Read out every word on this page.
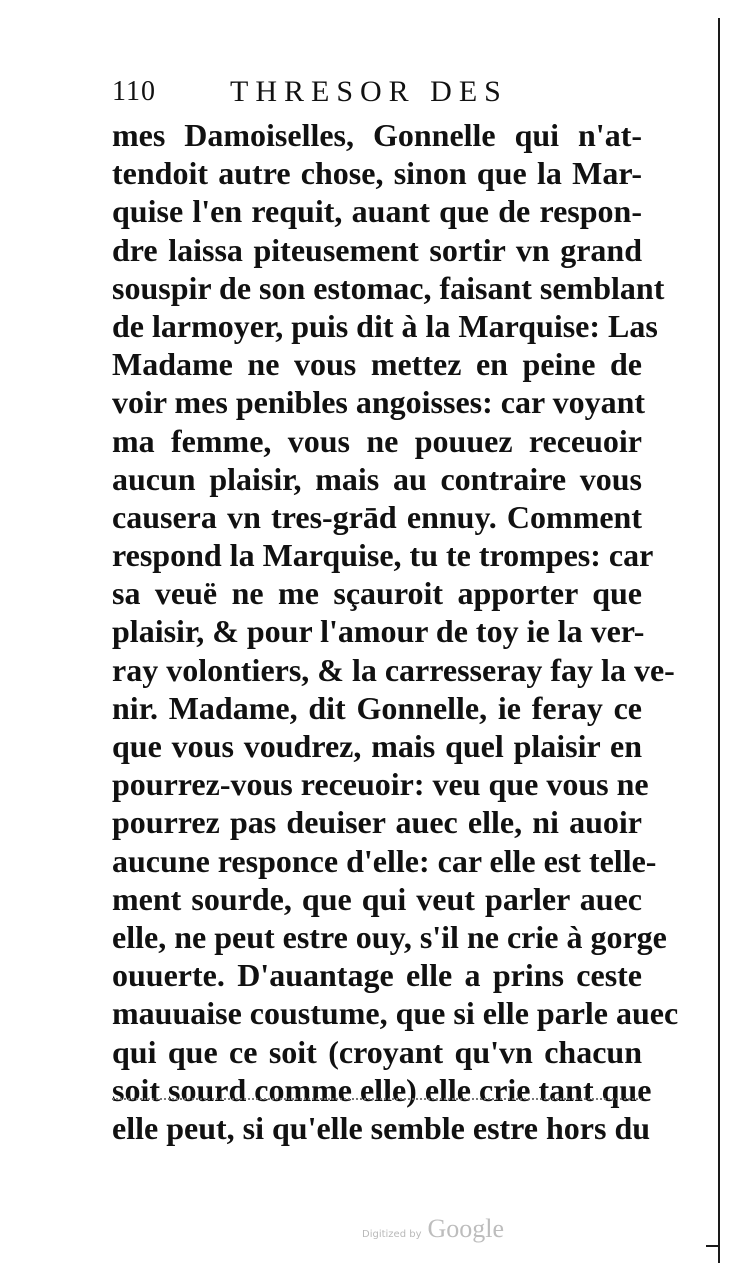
110 THRESOR DES
mes Damoiselles, Gonnelle qui n'at-
tendoit autre chose, sinon que la Mar-
quise l'en requit, auant que de respon-
dre laissa piteusement sortir vn grand
souspir de son estomac, faisant semblant
de larmoyer, puis dit à la Marquise: Las
Madame ne vous mettez en peine de
voir mes penibles angoisses: car voyant
ma femme, vous ne pouuez receuoir
aucun plaisir, mais au contraire vous
causera vn tres-grād ennuy. Comment
respond la Marquise, tu te trompes: car
sa veuë ne me sçauroit apporter que
plaisir, & pour l'amour de toy ie la ver-
ray volontiers, & la carresseray fay la ve-
nir. Madame, dit Gonnelle, ie feray ce
que vous voudrez, mais quel plaisir en
pourrez-vous receuoir: veu que vous ne
pourrez pas deuiser auec elle, ni auoir
aucune responce d'elle: car elle est telle-
ment sourde, que qui veut parler auec
elle, ne peut estre ouy, s'il ne crie à gorge
ouuerte. D'auantage elle a prins ceste
mauuaise coustume, que si elle parle auec
qui que ce soit (croyant qu'vn chacun
soit sourd comme elle) elle crie tant que
elle peut, si qu'elle semble estre hors du
Digitized by Google
